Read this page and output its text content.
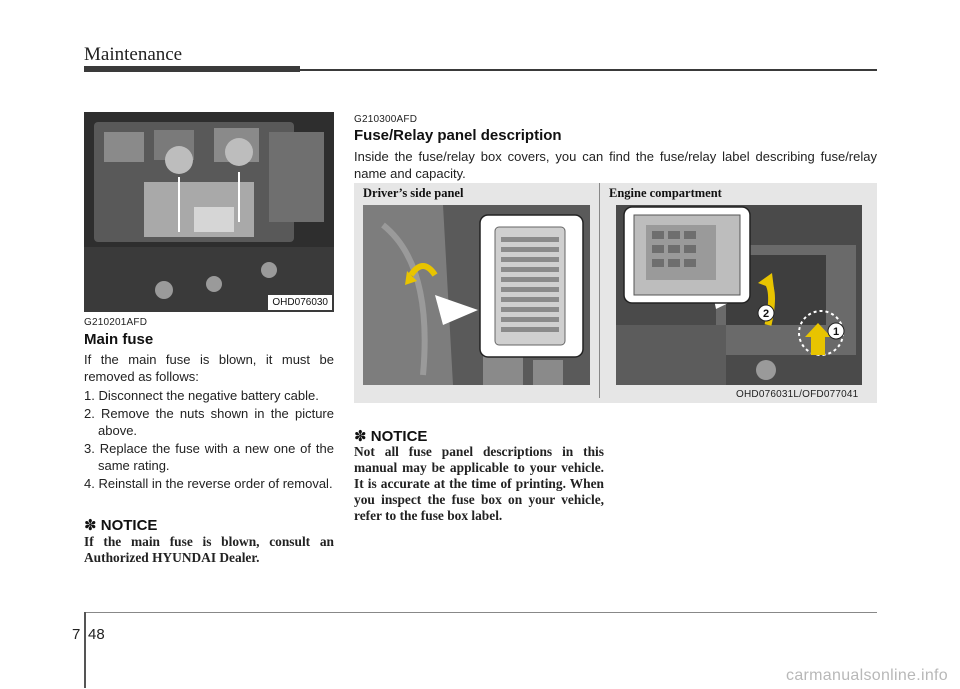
Maintenance
OHD076030
G210201AFD
Main fuse
If the main fuse is blown, it must be removed as follows:

1. Disconnect the negative battery cable.

2. Remove the nuts shown in the picture above.

3. Replace the fuse with a new one of the same rating.

4. Reinstall in the reverse order of removal.

✽ NOTICE
If the main fuse is blown, consult an Authorized HYUNDAI Dealer.
G210300AFD
Fuse/Relay panel description
Inside the fuse/relay box covers, you can find the fuse/relay label describing fuse/relay name and capacity.
Driver’s side panel	Engine compartment
2
1
OHD076031L/OFD077041
✽ NOTICE
Not all fuse panel descriptions in this manual may be applicable to your vehicle. It is accurate at the time of printing. When you inspect the fuse box on your vehicle, refer to the fuse box label.
7 48
carmanualsonline.info
